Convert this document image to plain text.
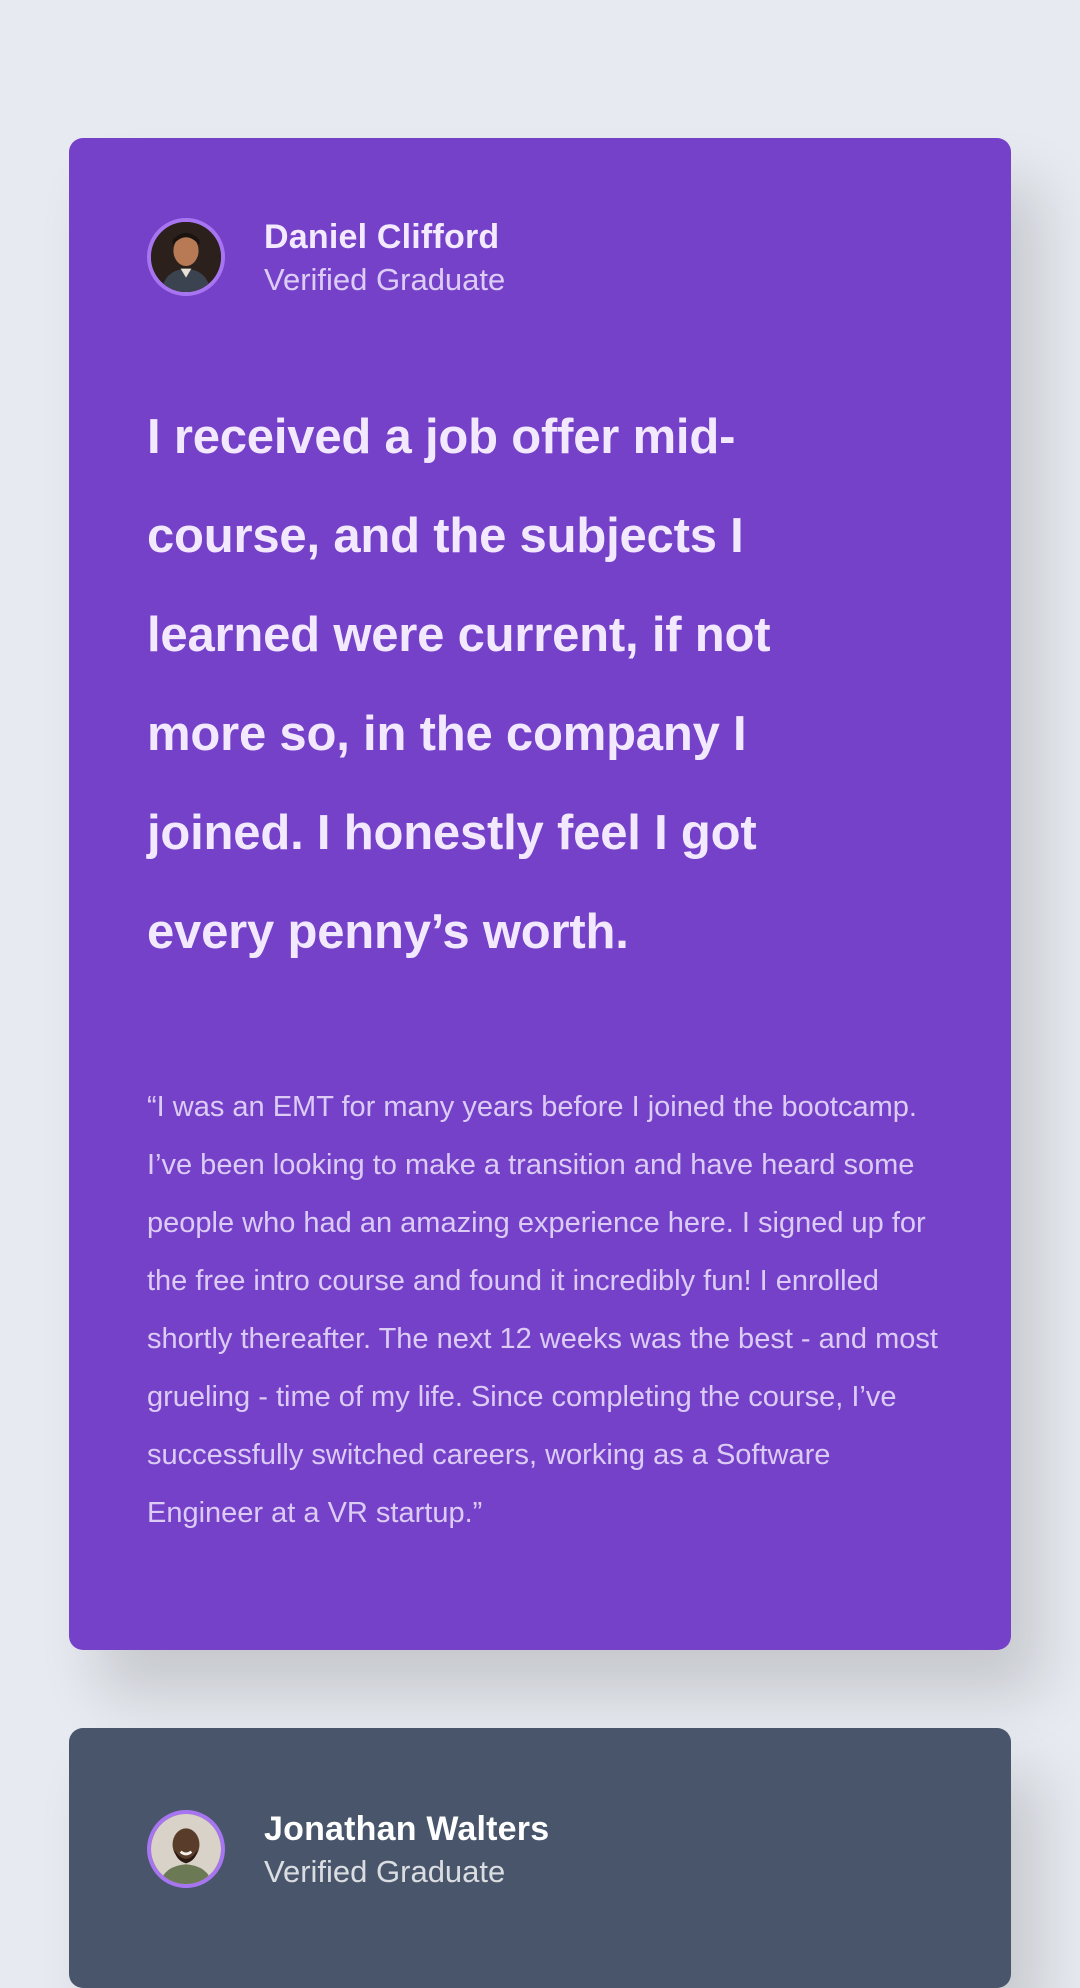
Daniel Clifford
Verified Graduate

I received a job offer mid-course, and the subjects I learned were current, if not more so, in the company I joined. I honestly feel I got every penny’s worth.

“I was an EMT for many years before I joined the bootcamp. I’ve been looking to make a transition and have heard some people who had an amazing experience here. I signed up for the free intro course and found it incredibly fun! I enrolled shortly thereafter. The next 12 weeks was the best - and most grueling - time of my life. Since completing the course, I’ve successfully switched careers, working as a Software Engineer at a VR startup.”

Jonathan Walters
Verified Graduate
